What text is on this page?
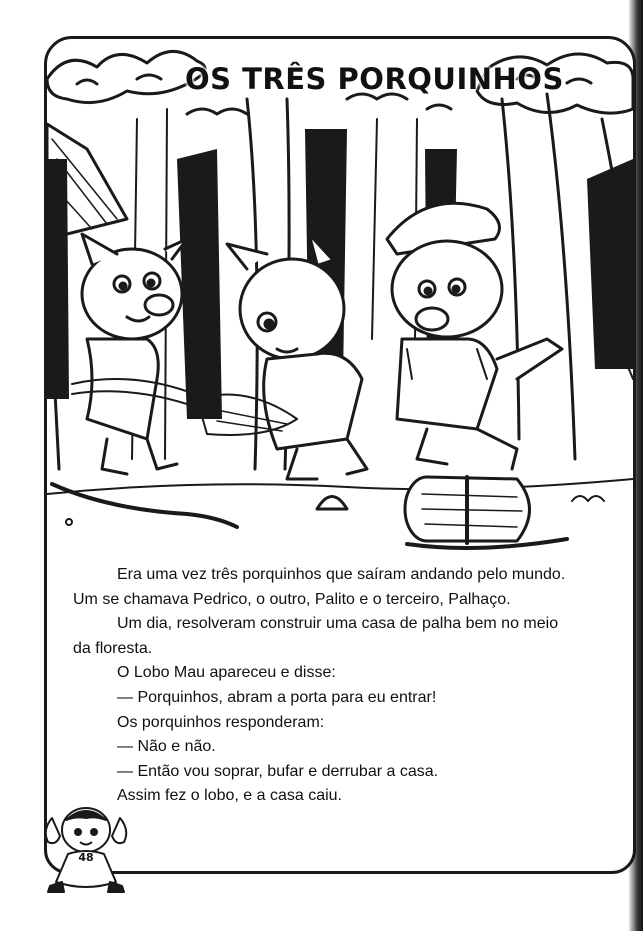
OS TRÊS PORQUINHOS

Era uma vez três porquinhos que saíram andando pelo mundo.

Um se chamava Pedrico, o outro, Palito e o terceiro, Palhaço.

Um dia, resolveram construir uma casa de palha bem no meio

da floresta.

O Lobo Mau apareceu e disse:

— Porquinhos, abram a porta para eu entrar!

Os porquinhos responderam:

— Não e não.

— Então vou soprar, bufar e derrubar a casa.

Assim fez o lobo, e a casa caiu.

48
